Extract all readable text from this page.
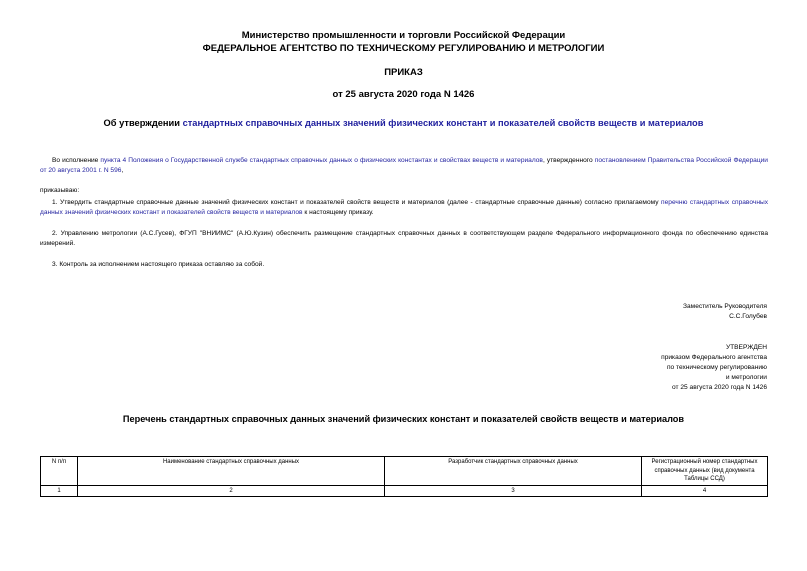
Министерство промышленности и торговли Российской Федерации
ФЕДЕРАЛЬНОЕ АГЕНТСТВО ПО ТЕХНИЧЕСКОМУ РЕГУЛИРОВАНИЮ И МЕТРОЛОГИИ
ПРИКАЗ
от 25 августа 2020 года N 1426
Об утверждении стандартных справочных данных значений физических констант и показателей свойств веществ и материалов
Во исполнение пункта 4 Положения о Государственной службе стандартных справочных данных о физических константах и свойствах веществ и материалов, утвержденного постановлением Правительства Российской Федерации от 20 августа 2001 г. N 596,
приказываю:
1. Утвердить стандартные справочные данные значений физических констант и показателей свойств веществ и материалов (далее - стандартные справочные данные) согласно прилагаемому перечню стандартных справочных данных значений физических констант и показателей свойств веществ и материалов к настоящему приказу.
2. Управлению метрологии (А.С.Гусев), ФГУП "ВНИИМС" (А.Ю.Кузин) обеспечить размещение стандартных справочных данных в соответствующем разделе Федерального информационного фонда по обеспечению единства измерений.
3. Контроль за исполнением настоящего приказа оставляю за собой.
Заместитель Руководителя
С.С.Голубев
УТВЕРЖДЕН
приказом Федерального агентства
по техническому регулированию
и метрологии
от 25 августа 2020 года N 1426
Перечень стандартных справочных данных значений физических констант и показателей свойств веществ и материалов
N п/п	Наименование стандартных справочных данных	Разработчик стандартных справочных данных	Регистрационный номер стандартных справочных данных (вид документа Таблицы ССД)
1	2	3	4
